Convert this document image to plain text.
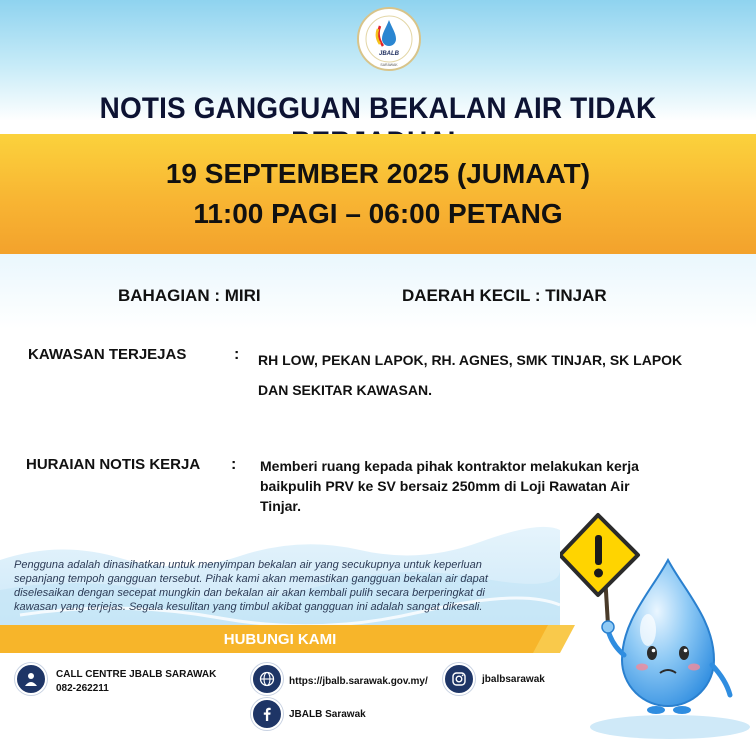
JBALB
SARAWAK
NOTIS GANGGUAN BEKALAN AIR TIDAK
19 SEPTEMBER 2025 (JUMAAT)
11:00 PAGI – 06:00 PETANG
BAHAGIAN : MIRI	DAERAH KECIL : TINJAR
KAWASAN TERJEJAS	: RH LOW, PEKAN LAPOK, RH. AGNES, SMK TINJAR, SK LAPOK
DAN SEKITAR KAWASAN.
HURAIAN NOTIS KERJA : Memberi ruang kepada pihak kontraktor melakukan kerja
baikpulih PRV ke SV bersaiz 250mm di Loji Rawatan Air
Tinjar.
Pengguna adalah dinasihatkan untuk menyimpan bekalan air yang secukupnya untuk keperluan
sepanjang tempoh gangguan tersebut. Pihak kami akan memastikan gangguan bekalan air dapat
diselesaikan dengan secepat mungkin dan bekalan air akan kembali pulih secara berperingkat di
kawasan yang terjejas. Segala kesulitan yang timbul akibat gangguan ini adalah sangat dikesali.
HUBUNGI KAMI
CALL CENTRE JBALB SARAWAK
082-262211
https://jbalb.sarawak.gov.my/	jbalbsarawak
JBALB Sarawak
